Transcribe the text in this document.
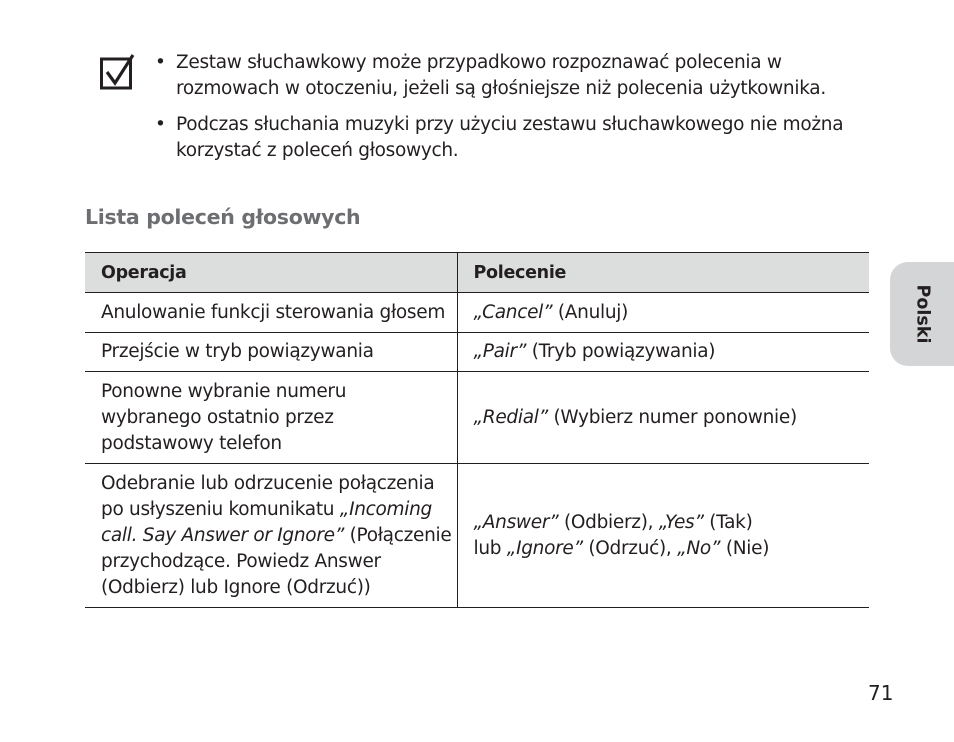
• Zestaw słuchawkowy może przypadkowo rozpoznawać polecenia w
rozmowach w otoczeniu, jeżeli są głośniejsze niż polecenia użytkownika.
• Podczas słuchania muzyki przy użyciu zestawu słuchawkowego nie można
korzystać z poleceń głosowych.
Lista poleceń głosowych
Operacja	Polecenie
Anulowanie funkcji sterowania głosem	„Cancel” (Anuluj)
Przejście w tryb powiązywania	„Pair” (Tryb powiązywania)
Ponowne wybranie numeru
wybranego ostatnio przez
podstawowy telefon	„Redial” (Wybierz numer ponownie)
Odebranie lub odrzucenie połączenia
po usłyszeniu komunikatu „Incoming
call. Say Answer or Ignore” (Połączenie
przychodzące. Powiedz Answer
(Odbierz) lub Ignore (Odrzuć))	„Answer” (Odbierz), „Yes” (Tak)
lub „Ignore” (Odrzuć), „No” (Nie)
Polski
71
